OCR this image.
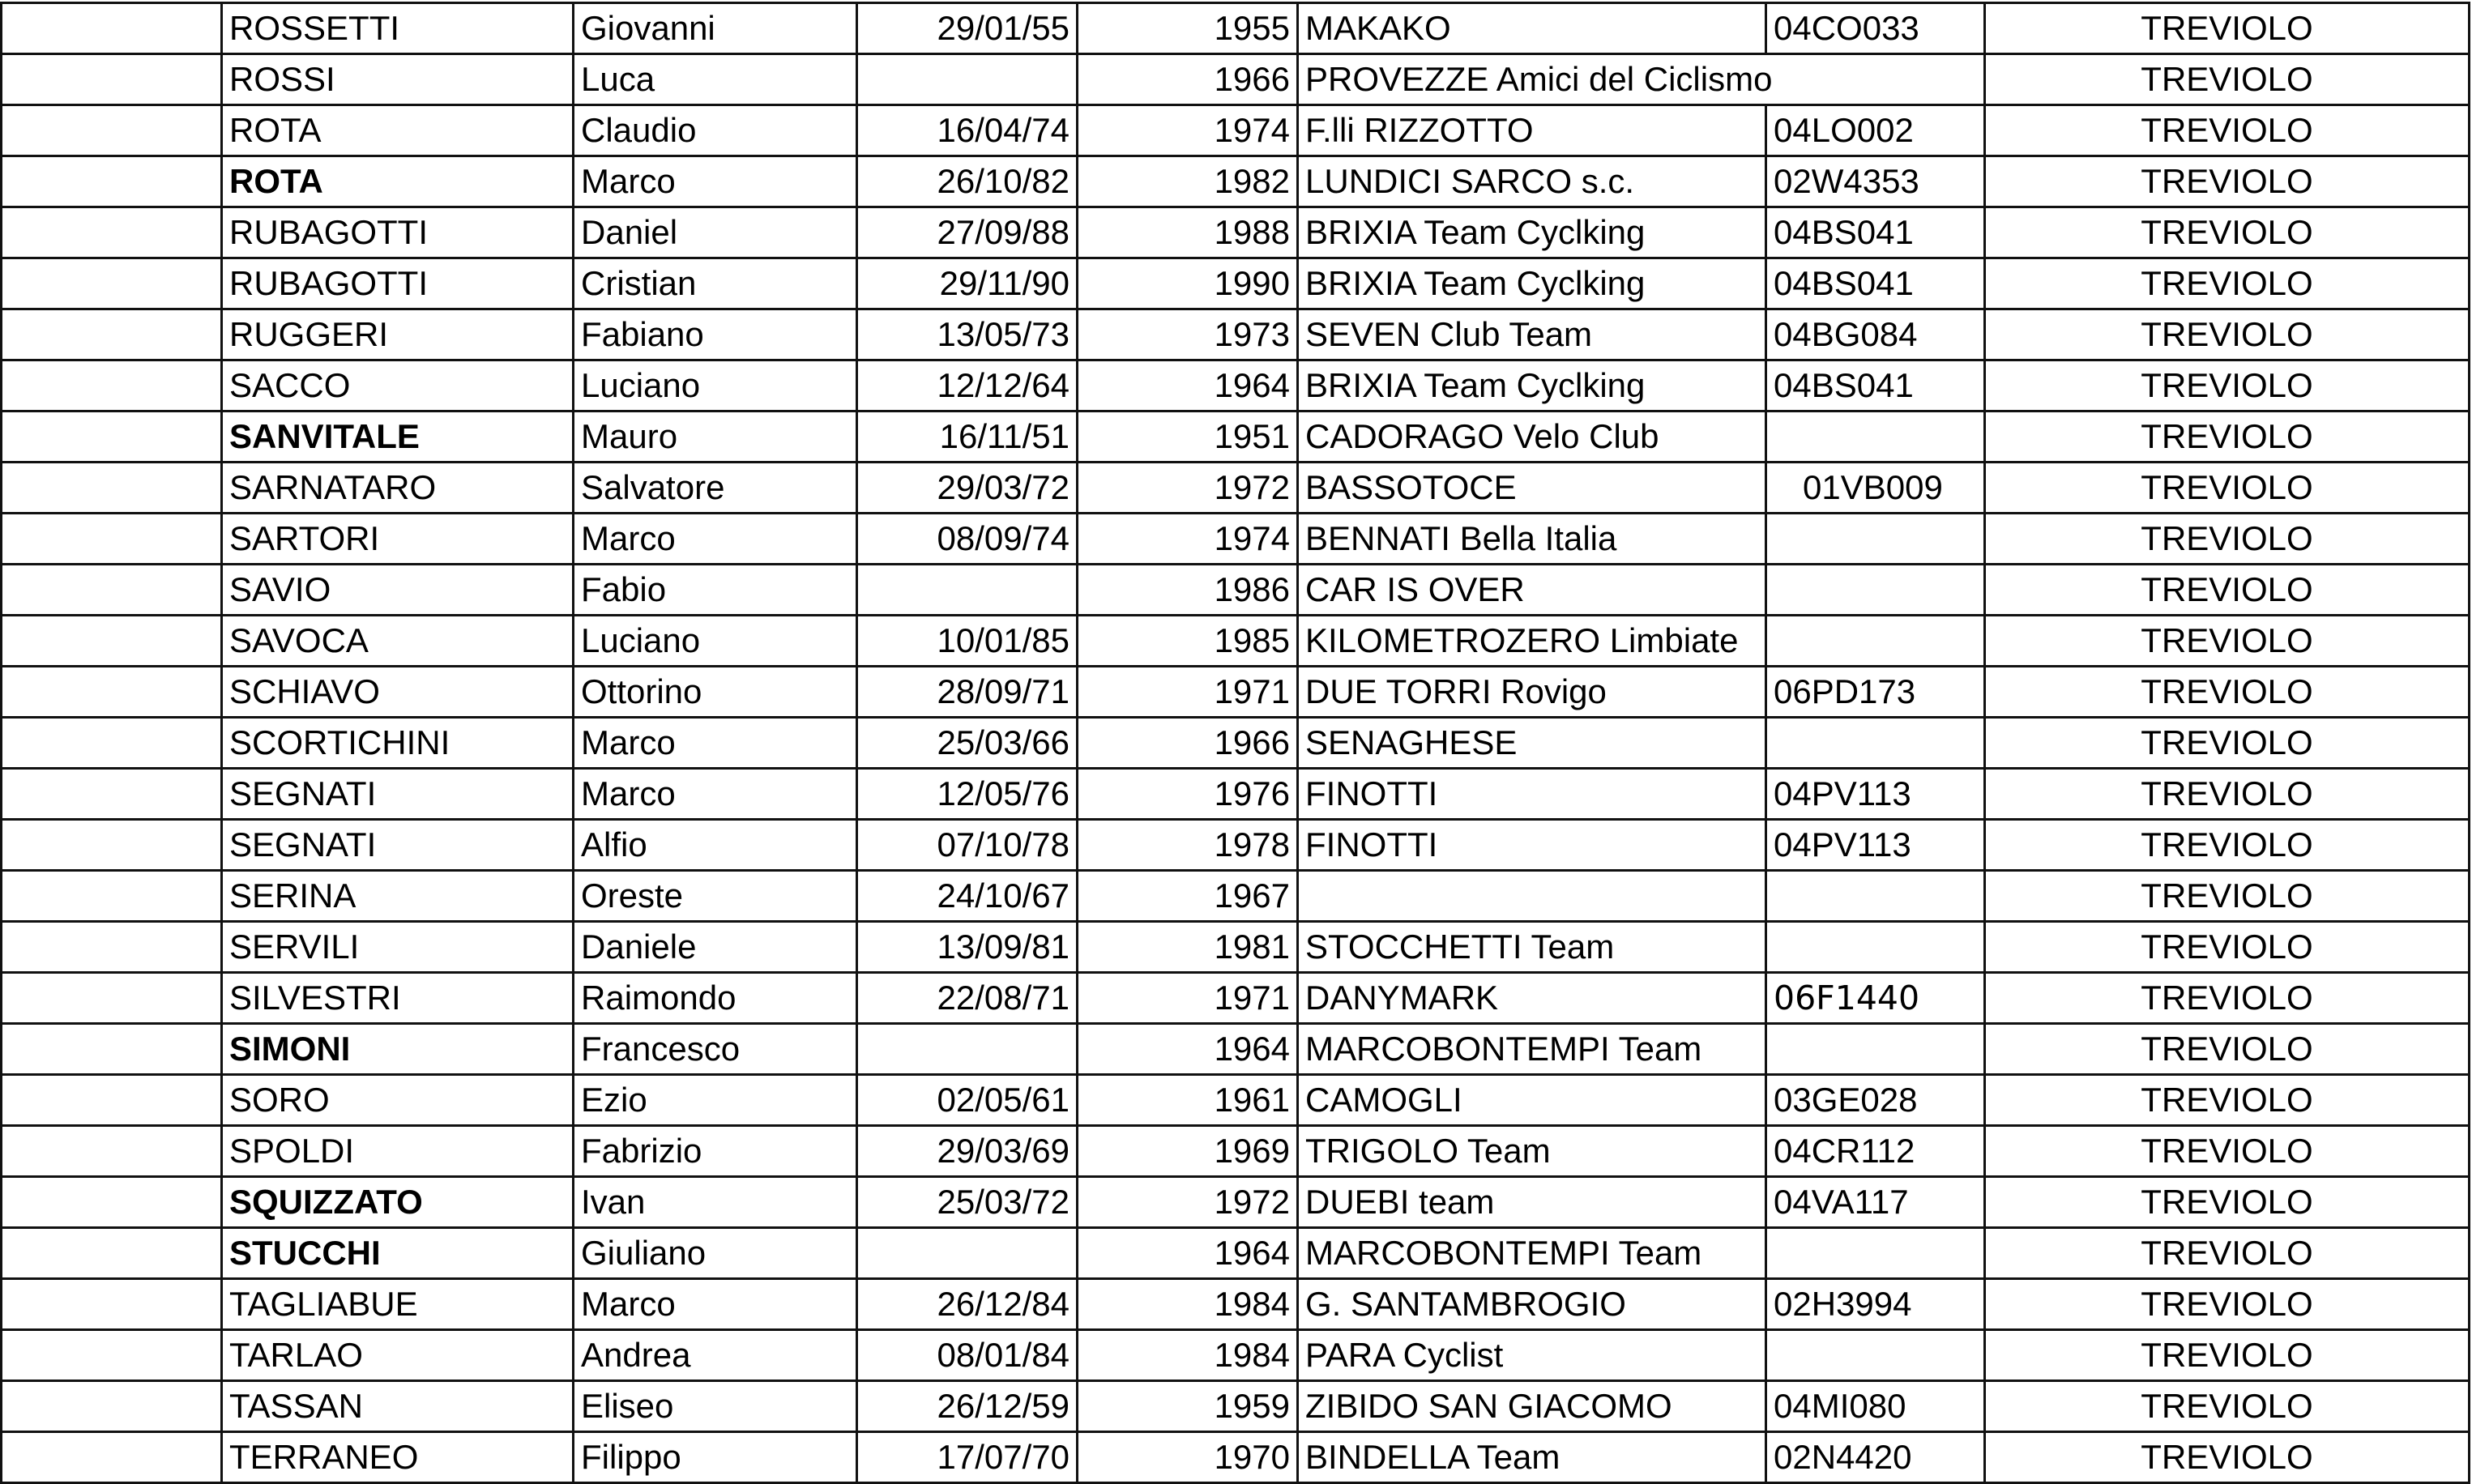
	ROSSETTI	Giovanni	29/01/55	1955	MAKAKO	04CO033	TREVIOLO
	ROSSI	Luca		1966	PROVEZZE Amici del Ciclismo		TREVIOLO
	ROTA	Claudio	16/04/74	1974	F.lli RIZZOTTO	04LO002	TREVIOLO
	ROTA	Marco	26/10/82	1982	LUNDICI SARCO s.c.	02W4353	TREVIOLO
	RUBAGOTTI	Daniel	27/09/88	1988	BRIXIA Team Cyclking	04BS041	TREVIOLO
	RUBAGOTTI	Cristian	29/11/90	1990	BRIXIA Team Cyclking	04BS041	TREVIOLO
	RUGGERI	Fabiano	13/05/73	1973	SEVEN Club Team	04BG084	TREVIOLO
	SACCO	Luciano	12/12/64	1964	BRIXIA Team Cyclking	04BS041	TREVIOLO
	SANVITALE	Mauro	16/11/51	1951	CADORAGO Velo Club		TREVIOLO
	SARNATARO	Salvatore	29/03/72	1972	BASSOTOCE	01VB009	TREVIOLO
	SARTORI	Marco	08/09/74	1974	BENNATI Bella Italia		TREVIOLO
	SAVIO	Fabio		1986	CAR IS OVER		TREVIOLO
	SAVOCA	Luciano	10/01/85	1985	KILOMETROZERO Limbiate		TREVIOLO
	SCHIAVO	Ottorino	28/09/71	1971	DUE TORRI Rovigo	06PD173	TREVIOLO
	SCORTICHINI	Marco	25/03/66	1966	SENAGHESE		TREVIOLO
	SEGNATI	Marco	12/05/76	1976	FINOTTI	04PV113	TREVIOLO
	SEGNATI	Alfio	07/10/78	1978	FINOTTI	04PV113	TREVIOLO
	SERINA	Oreste	24/10/67	1967			TREVIOLO
	SERVILI	Daniele	13/09/81	1981	STOCCHETTI Team		TREVIOLO
	SILVESTRI	Raimondo	22/08/71	1971	DANYMARK	06F1440	TREVIOLO
	SIMONI	Francesco		1964	MARCOBONTEMPI Team		TREVIOLO
	SORO	Ezio	02/05/61	1961	CAMOGLI	03GE028	TREVIOLO
	SPOLDI	Fabrizio	29/03/69	1969	TRIGOLO Team	04CR112	TREVIOLO
	SQUIZZATO	Ivan	25/03/72	1972	DUEBI team	04VA117	TREVIOLO
	STUCCHI	Giuliano		1964	MARCOBONTEMPI Team		TREVIOLO
	TAGLIABUE	Marco	26/12/84	1984	G. SANTAMBROGIO	02H3994	TREVIOLO
	TARLAO	Andrea	08/01/84	1984	PARA Cyclist		TREVIOLO
	TASSAN	Eliseo	26/12/59	1959	ZIBIDO SAN GIACOMO	04MI080	TREVIOLO
	TERRANEO	Filippo	17/07/70	1970	BINDELLA Team	02N4420	TREVIOLO
